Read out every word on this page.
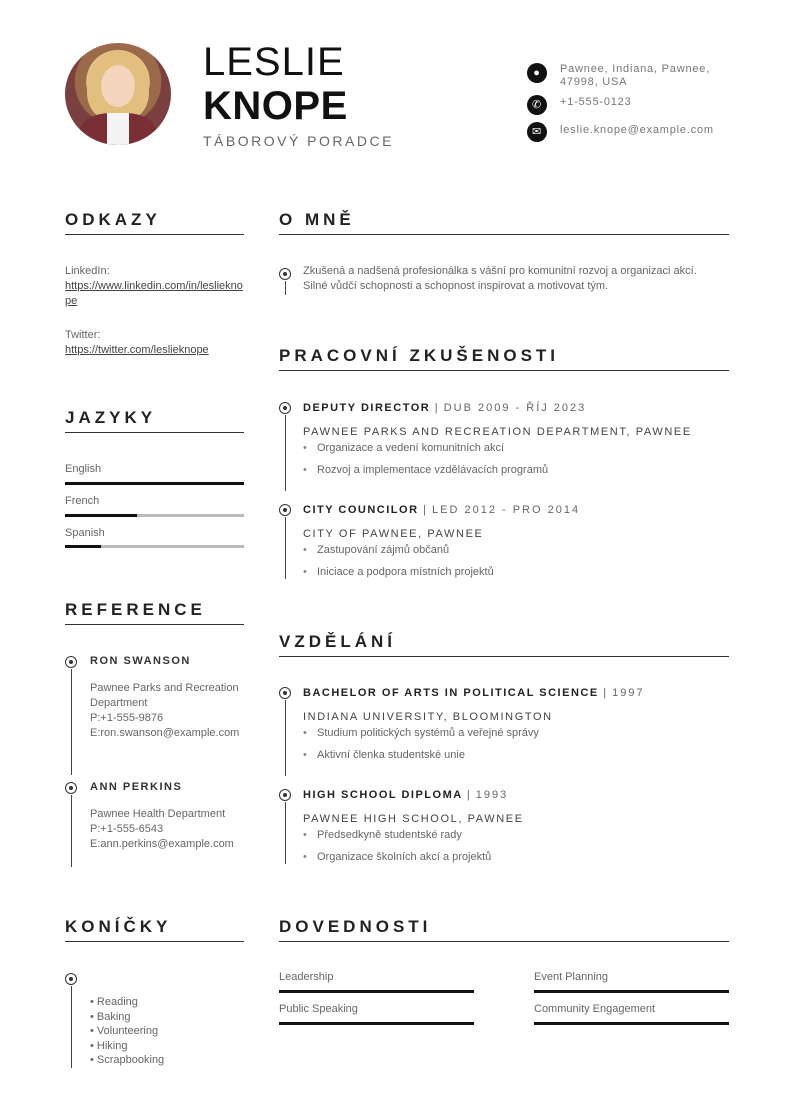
LESLIE
KNOPE
TÁBOROVÝ PORADCE
●	Pawnee, Indiana, Pawnee, 47998, USA
✆	+1-555-0123
✉	leslie.knope@example.com
ODKAZY
LinkedIn:
https://www.linkedin.com/in/leslieknope
Twitter:
https://twitter.com/leslieknope
JAZYKY
English
French
Spanish
REFERENCE
RON SWANSON
Pawnee Parks and Recreation Department
P:+1-555-9876
E:ron.swanson@example.com
ANN PERKINS
Pawnee Health Department
P:+1-555-6543
E:ann.perkins@example.com
KONÍČKY
• Reading
• Baking
• Volunteering
• Hiking
• Scrapbooking
O MNĚ
Zkušená a nadšená profesionálka s vášní pro komunitní rozvoj a organizaci akcí. Silné vůdčí schopnosti a schopnost inspirovat a motivovat tým.
PRACOVNÍ ZKUŠENOSTI
DEPUTY DIRECTOR | DUB 2009 - ŘÍJ 2023
PAWNEE PARKS AND RECREATION DEPARTMENT, PAWNEE
• Organizace a vedení komunitních akcí
• Rozvoj a implementace vzdělávacích programů
CITY COUNCILOR | LED 2012 - PRO 2014
CITY OF PAWNEE, PAWNEE
• Zastupování zájmů občanů
• Iniciace a podpora místních projektů
VZDĚLÁNÍ
BACHELOR OF ARTS IN POLITICAL SCIENCE | 1997
INDIANA UNIVERSITY, BLOOMINGTON
• Studium politických systémů a veřejné správy
• Aktivní členka studentské unie
HIGH SCHOOL DIPLOMA | 1993
PAWNEE HIGH SCHOOL, PAWNEE
• Předsedkyně studentské rady
• Organizace školních akcí a projektů
DOVEDNOSTI
Leadership	Event Planning
Public Speaking	Community Engagement
